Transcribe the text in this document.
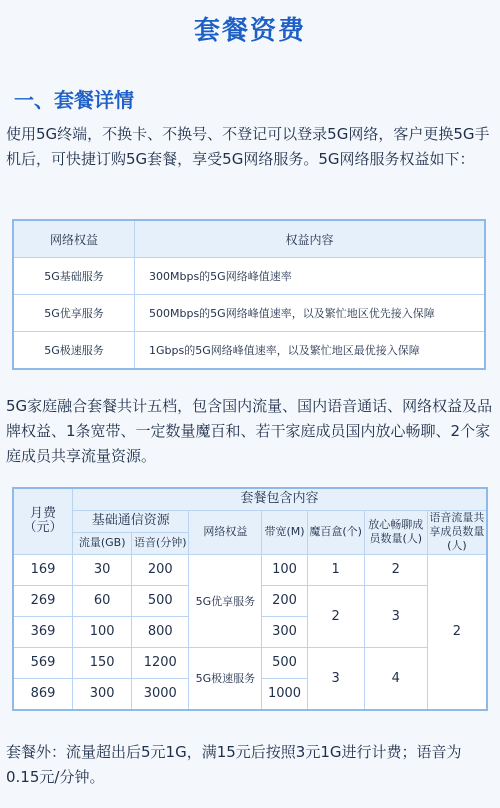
套餐资费
一、套餐详情
使用5G终端，不换卡、不换号、不登记可以登录5G网络，客户更换5G手机后，可快捷订购5G套餐，享受5G网络服务。5G网络服务权益如下：
网络权益	权益内容
5G基础服务	300Mbps的5G网络峰值速率
5G优享服务	500Mbps的5G网络峰值速率，以及繁忙地区优先接入保障
5G极速服务	1Gbps的5G网络峰值速率，以及繁忙地区最优接入保障
5G家庭融合套餐共计五档，包含国内流量、国内语音通话、网络权益及品牌权益、1条宽带、一定数量魔百和、若干家庭成员国内放心畅聊、2个家庭成员共享流量资源。
月费（元）	套餐包含内容						
	基础通信资源		网络权益	带宽(M)	魔百盒(个)	放心畅聊成员数量(人)	语音流量共享成员数量(人)
	流量(GB)	语音(分钟)					
169	30	200	5G优享服务	100	1	2	2
269	60	500		200	2	3	
369	100	800		300			
569	150	1200	5G极速服务	500	3	4	
869	300	3000		1000			
套餐外：流量超出后5元1G，满15元后按照3元1G进行计费；语音为0.15元/分钟。
